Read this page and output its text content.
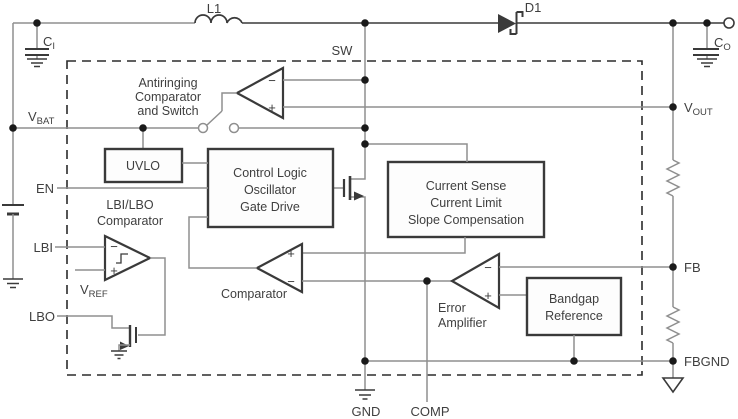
L1	D1
$C_I$	$C_O$
$V_{REF}$
$V_{BAT}$
EN
LBI
LBO
SW
GND COMP
$V_{OUT}$
FB
FBGND
UVLO	Control Logic
Oscillator
Gate Drive
Current Sense
Current Limit
Slope Compensation
Bandgap
Reference
Antiringing
Comparator
and Switch
LBI/LBO
Comparator
Comparator
Error
Amplifier
−
+
+
−
−
+	−
+
